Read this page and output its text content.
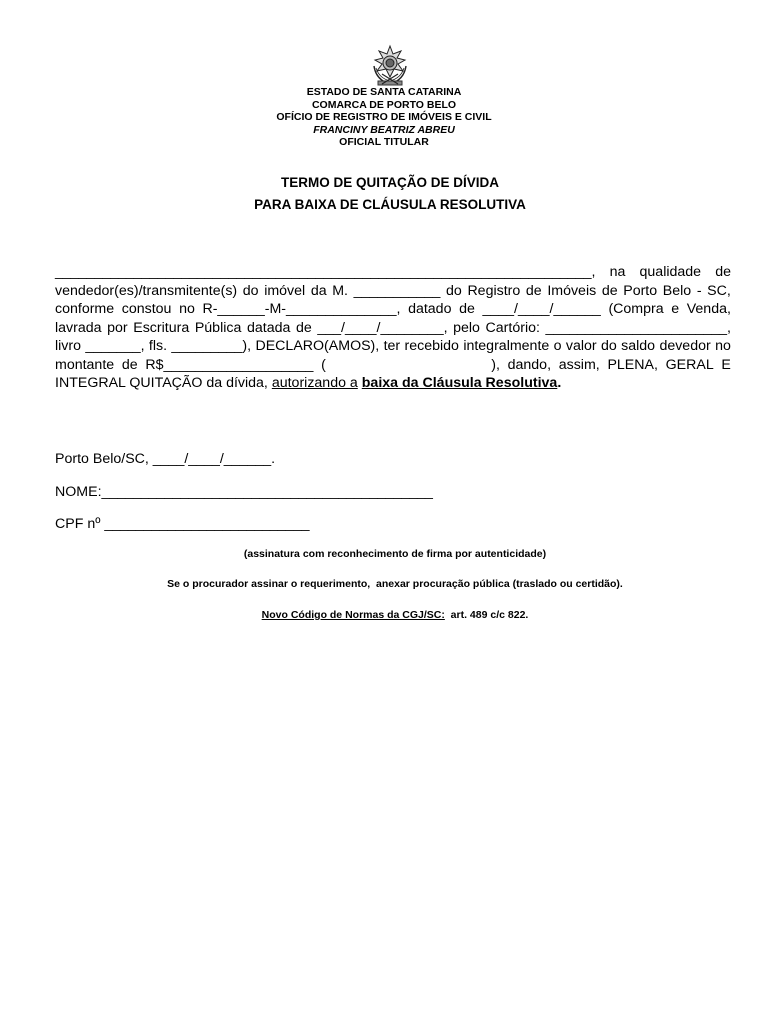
ESTADO DE SANTA CATARINA
COMARCA DE PORTO BELO
OFÍCIO DE REGISTRO DE IMÓVEIS E CIVIL
FRANCINY BEATRIZ ABREU
OFICIAL TITULAR
TERMO DE QUITAÇÃO DE DÍVIDA
PARA BAIXA DE CLÁUSULA RESOLUTIVA
____________________________________________________________________, na qualidade de
vendedor(es)/transmitente(s) do imóvel da M. ___________ do Registro de Imóveis de Porto Belo - SC,
conforme constou no R-______-M-______________, datado de ____/____/______ (Compra e Venda,
lavrada por Escritura Pública datada de ___/____/________, pelo Cartório: _______________________,
livro _______, fls. _________), DECLARO(AMOS), ter recebido integralmente o valor do saldo devedor no
montante de R$___________________ (	), dando, assim, PLENA, GERAL E
INTEGRAL QUITAÇÃO da dívida, autorizando a
baixa da Cláusula Resolutiva .
Porto Belo/SC, ____/____/______.
NOME:__________________________________________
CPF nº __________________________
(assinatura com reconhecimento de firma por autenticidade)
Se o procurador assinar o requerimento,  anexar procuração pública (traslado ou certidão).
Novo Código de Normas da CGJ/SC:  art. 489 c/c 822.
